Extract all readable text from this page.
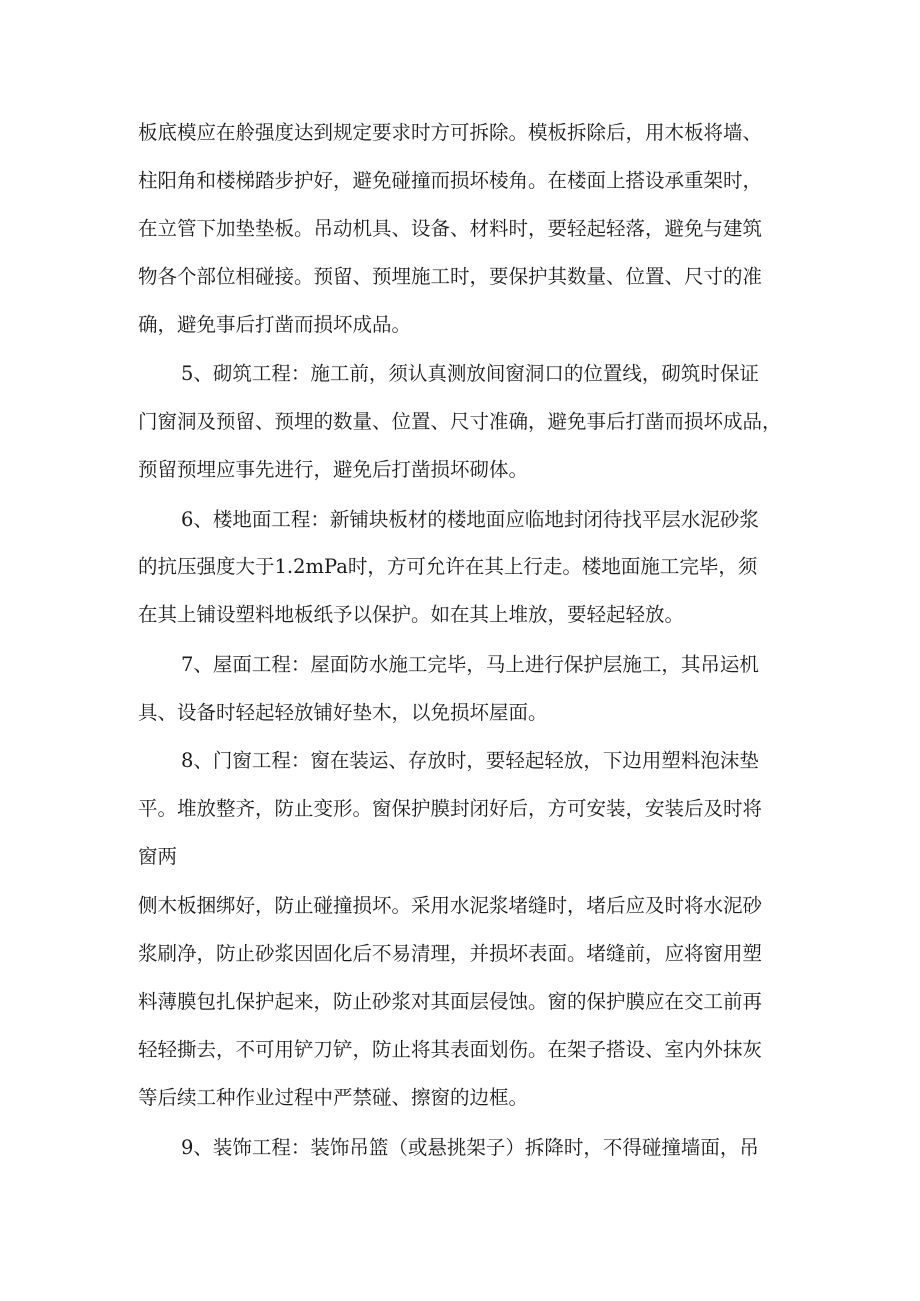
板底模应在舲强度达到规定要求时方可拆除。模板拆除后，用木板将墙、
柱阳角和楼梯踏步护好，避免碰撞而损坏棱角。在楼面上搭设承重架时，
在立管下加垫垫板。吊动机具、设备、材料时，要轻起轻落，避免与建筑
物各个部位相碰接。预留、预埋施工时，要保护其数量、位置、尺寸的准
确，避免事后打凿而损坏成品。
5、砌筑工程：施工前，须认真测放间窗洞口的位置线，砌筑时保证
门窗洞及预留、预埋的数量、位置、尺寸准确，避免事后打凿而损坏成品，
预留预埋应事先进行，避免后打凿损坏砌体。
6、楼地面工程：新铺块板材的楼地面应临地封闭待找平层水泥砂浆
的抗压强度大于1.2mPa时，方可允许在其上行走。楼地面施工完毕，须
在其上铺设塑料地板纸予以保护。如在其上堆放，要轻起轻放。
7、屋面工程：屋面防水施工完毕，马上进行保护层施工，其吊运机
具、设备时轻起轻放铺好垫木，以免损坏屋面。
8、门窗工程：窗在装运、存放时，要轻起轻放，下边用塑料泡沫垫
平。堆放整齐，防止变形。窗保护膜封闭好后，方可安装，安装后及时将
窗两
侧木板捆绑好，防止碰撞损坏。采用水泥浆堵缝时，堵后应及时将水泥砂
浆刷净，防止砂浆因固化后不易清理，并损坏表面。堵缝前，应将窗用塑
料薄膜包扎保护起来，防止砂浆对其面层侵蚀。窗的保护膜应在交工前再
轻轻撕去，不可用铲刀铲，防止将其表面划伤。在架子搭设、室内外抹灰
等后续工种作业过程中严禁碰、擦窗的边框。
9、装饰工程：装饰吊篮（或悬挑架子）拆降时，不得碰撞墙面，吊
